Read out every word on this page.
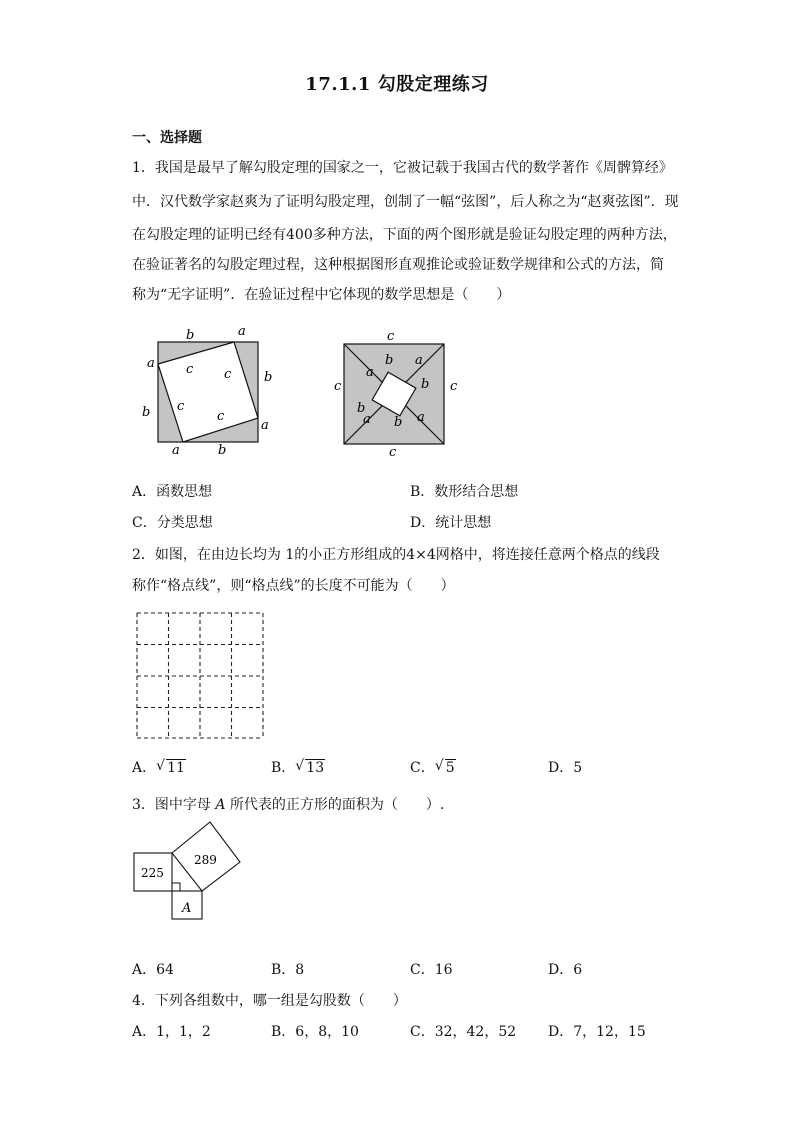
17.1.1 勾股定理练习
一、选择题
1．我国是最早了解勾股定理的国家之一，它被记载于我国古代的数学著作《周髀算经》
中．汉代数学家赵爽为了证明勾股定理，创制了一幅“弦图”，后人称之为“赵爽弦图”．现
在勾股定理的证明已经有400多种方法，下面的两个图形就是验证勾股定理的两种方法，
在验证著名的勾股定理过程，这种根据图形直观推论或验证数学规律和公式的方法，简
称为“无字证明”．在验证过程中它体现的数学思想是（　　）
b	a
a
b
b
a
a	b
c c
c
c
c
c	c
c
a
b a
b
b
a b a
A．函数思想	B．数形结合思想
C．分类思想	D．统计思想
2．如图，在由边长均为 1的小正方形组成的4×4网格中，将连接任意两个格点的线段
称作“格点线”，则“格点线”的长度不可能为（　　）
A． √ 11	B． √ 13	C． √ 5	D．5
3．图中字母 A 所代表的正方形的面积为（　　）.
225
289
A
A．64	B．8	C．16	D．6
4．下列各组数中，哪一组是勾股数（　　）
A．1，1，2	B．6，8，10	C．32，42，52 D．7，12，15
